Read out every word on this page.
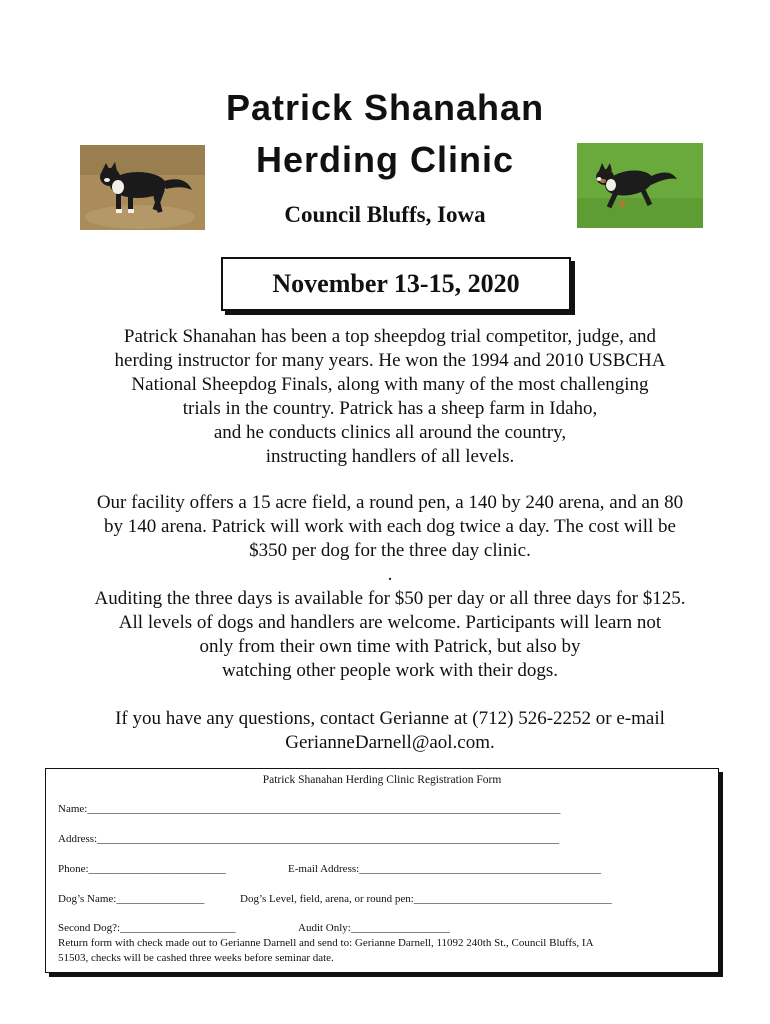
Patrick Shanahan
Herding Clinic

Council Bluffs, Iowa

November 13-15, 2020

Patrick Shanahan has been a top sheepdog trial competitor, judge, and
herding instructor for many years. He won the 1994 and 2010 USBCHA
National Sheepdog Finals, along with many of the most challenging
trials in the country. Patrick has a sheep farm in Idaho,
and he conducts clinics all around the country,
instructing handlers of all levels.

Our facility offers a 15 acre field, a round pen, a 140 by 240 arena, and an 80
by 140 arena. Patrick will work with each dog twice a day. The cost will be
$350 per dog for the three day clinic.

.

Auditing the three days is available for $50 per day or all three days for $125.
All levels of dogs and handlers are welcome. Participants will learn not
only from their own time with Patrick, but also by
watching other people work with their dogs.

If you have any questions, contact Gerianne at (712) 526-2252 or e-mail
GerianneDarnell@aol.com.

Patrick Shanahan Herding Clinic Registration Form
Name:______________________________________________________________________________________
Address:____________________________________________________________________________________
Phone:_________________________	E-mail Address:____________________________________________
Dog’s Name:________________	Dog’s Level, field, arena, or round pen:____________________________________
Second Dog?:_____________________	Audit Only:__________________
Return form with check made out to Gerianne Darnell and send to: Gerianne Darnell, 11092 240th St., Council Bluffs, IA
51503, checks will be cashed three weeks before seminar date.
